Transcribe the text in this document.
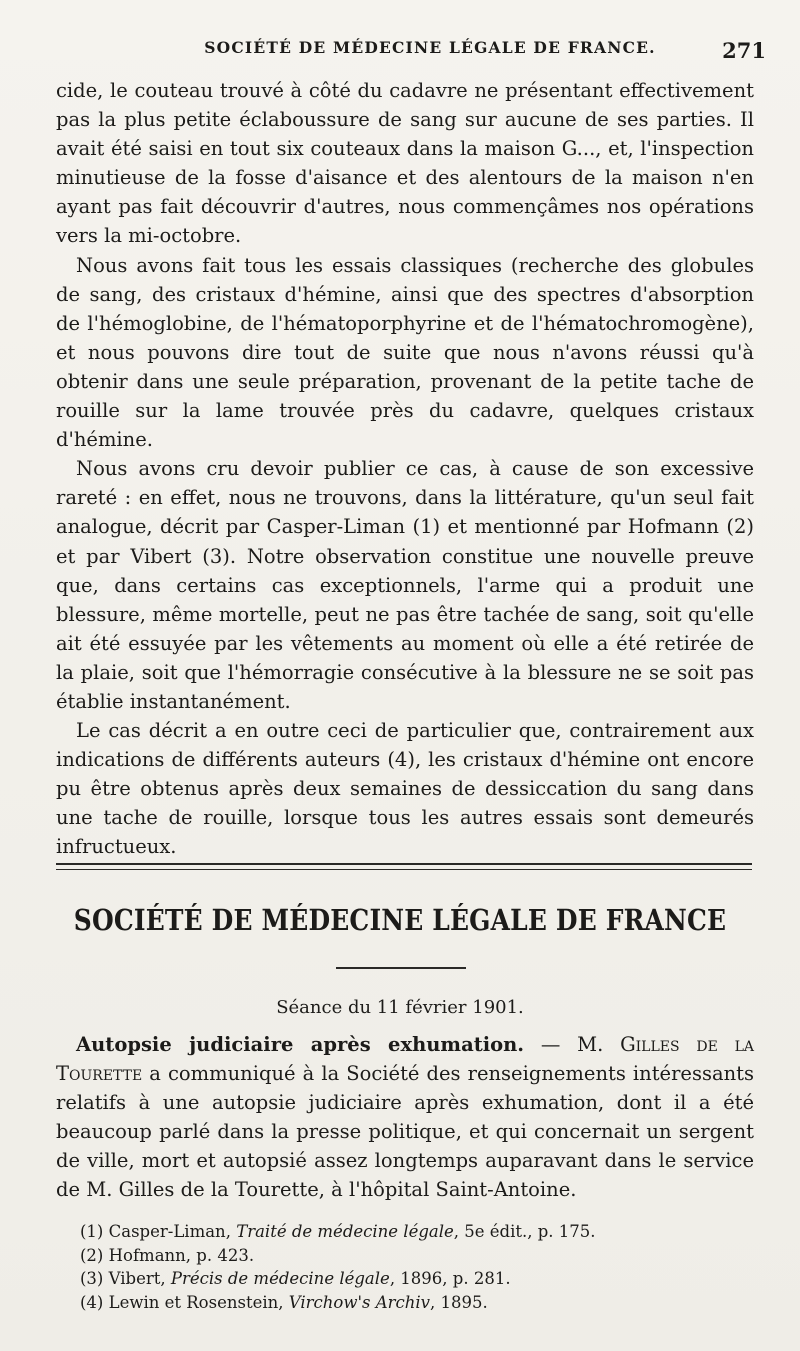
SOCIÉTÉ DE MÉDECINE LÉGALE DE FRANCE.	271

cide, le couteau trouvé à côté du cadavre ne présentant effectivement pas la plus petite éclaboussure de sang sur aucune de ses parties. Il avait été saisi en tout six couteaux dans la maison G..., et, l'inspection minutieuse de la fosse d'aisance et des alentours de la maison n'en ayant pas fait découvrir d'autres, nous commençâmes nos opérations vers la mi-octobre.

Nous avons fait tous les essais classiques (recherche des globules de sang, des cristaux d'hémine, ainsi que des spectres d'absorption de l'hémoglobine, de l'hématoporphyrine et de l'hématochromogène), et nous pouvons dire tout de suite que nous n'avons réussi qu'à obtenir dans une seule préparation, provenant de la petite tache de rouille sur la lame trouvée près du cadavre, quelques cristaux d'hémine.

Nous avons cru devoir publier ce cas, à cause de son excessive rareté : en effet, nous ne trouvons, dans la littérature, qu'un seul fait analogue, décrit par Casper-Liman (1) et mentionné par Hofmann (2) et par Vibert (3). Notre observation constitue une nouvelle preuve que, dans certains cas exceptionnels, l'arme qui a produit une blessure, même mortelle, peut ne pas être tachée de sang, soit qu'elle ait été essuyée par les vêtements au moment où elle a été retirée de la plaie, soit que l'hémorragie consécutive à la blessure ne se soit pas établie instantanément.

Le cas décrit a en outre ceci de particulier que, contrairement aux indications de différents auteurs (4), les cristaux d'hémine ont encore pu être obtenus après deux semaines de dessiccation du sang dans une tache de rouille, lorsque tous les autres essais sont demeurés infructueux.

SOCIÉTÉ DE MÉDECINE LÉGALE DE FRANCE
Séance du 11 février 1901.

Autopsie judiciaire après exhumation. — M. Gilles de la Tourette a communiqué à la Société des renseignements intéressants relatifs à une autopsie judiciaire après exhumation, dont il a été beaucoup parlé dans la presse politique, et qui concernait un sergent de ville, mort et autopsié assez longtemps auparavant dans le service de M. Gilles de la Tourette, à l'hôpital Saint-Antoine.

(1) Casper-Liman, Traité de médecine légale, 5e édit., p. 175.
(2) Hofmann, p. 423.
(3) Vibert, Précis de médecine légale, 1896, p. 281.
(4) Lewin et Rosenstein, Virchow's Archiv, 1895.
